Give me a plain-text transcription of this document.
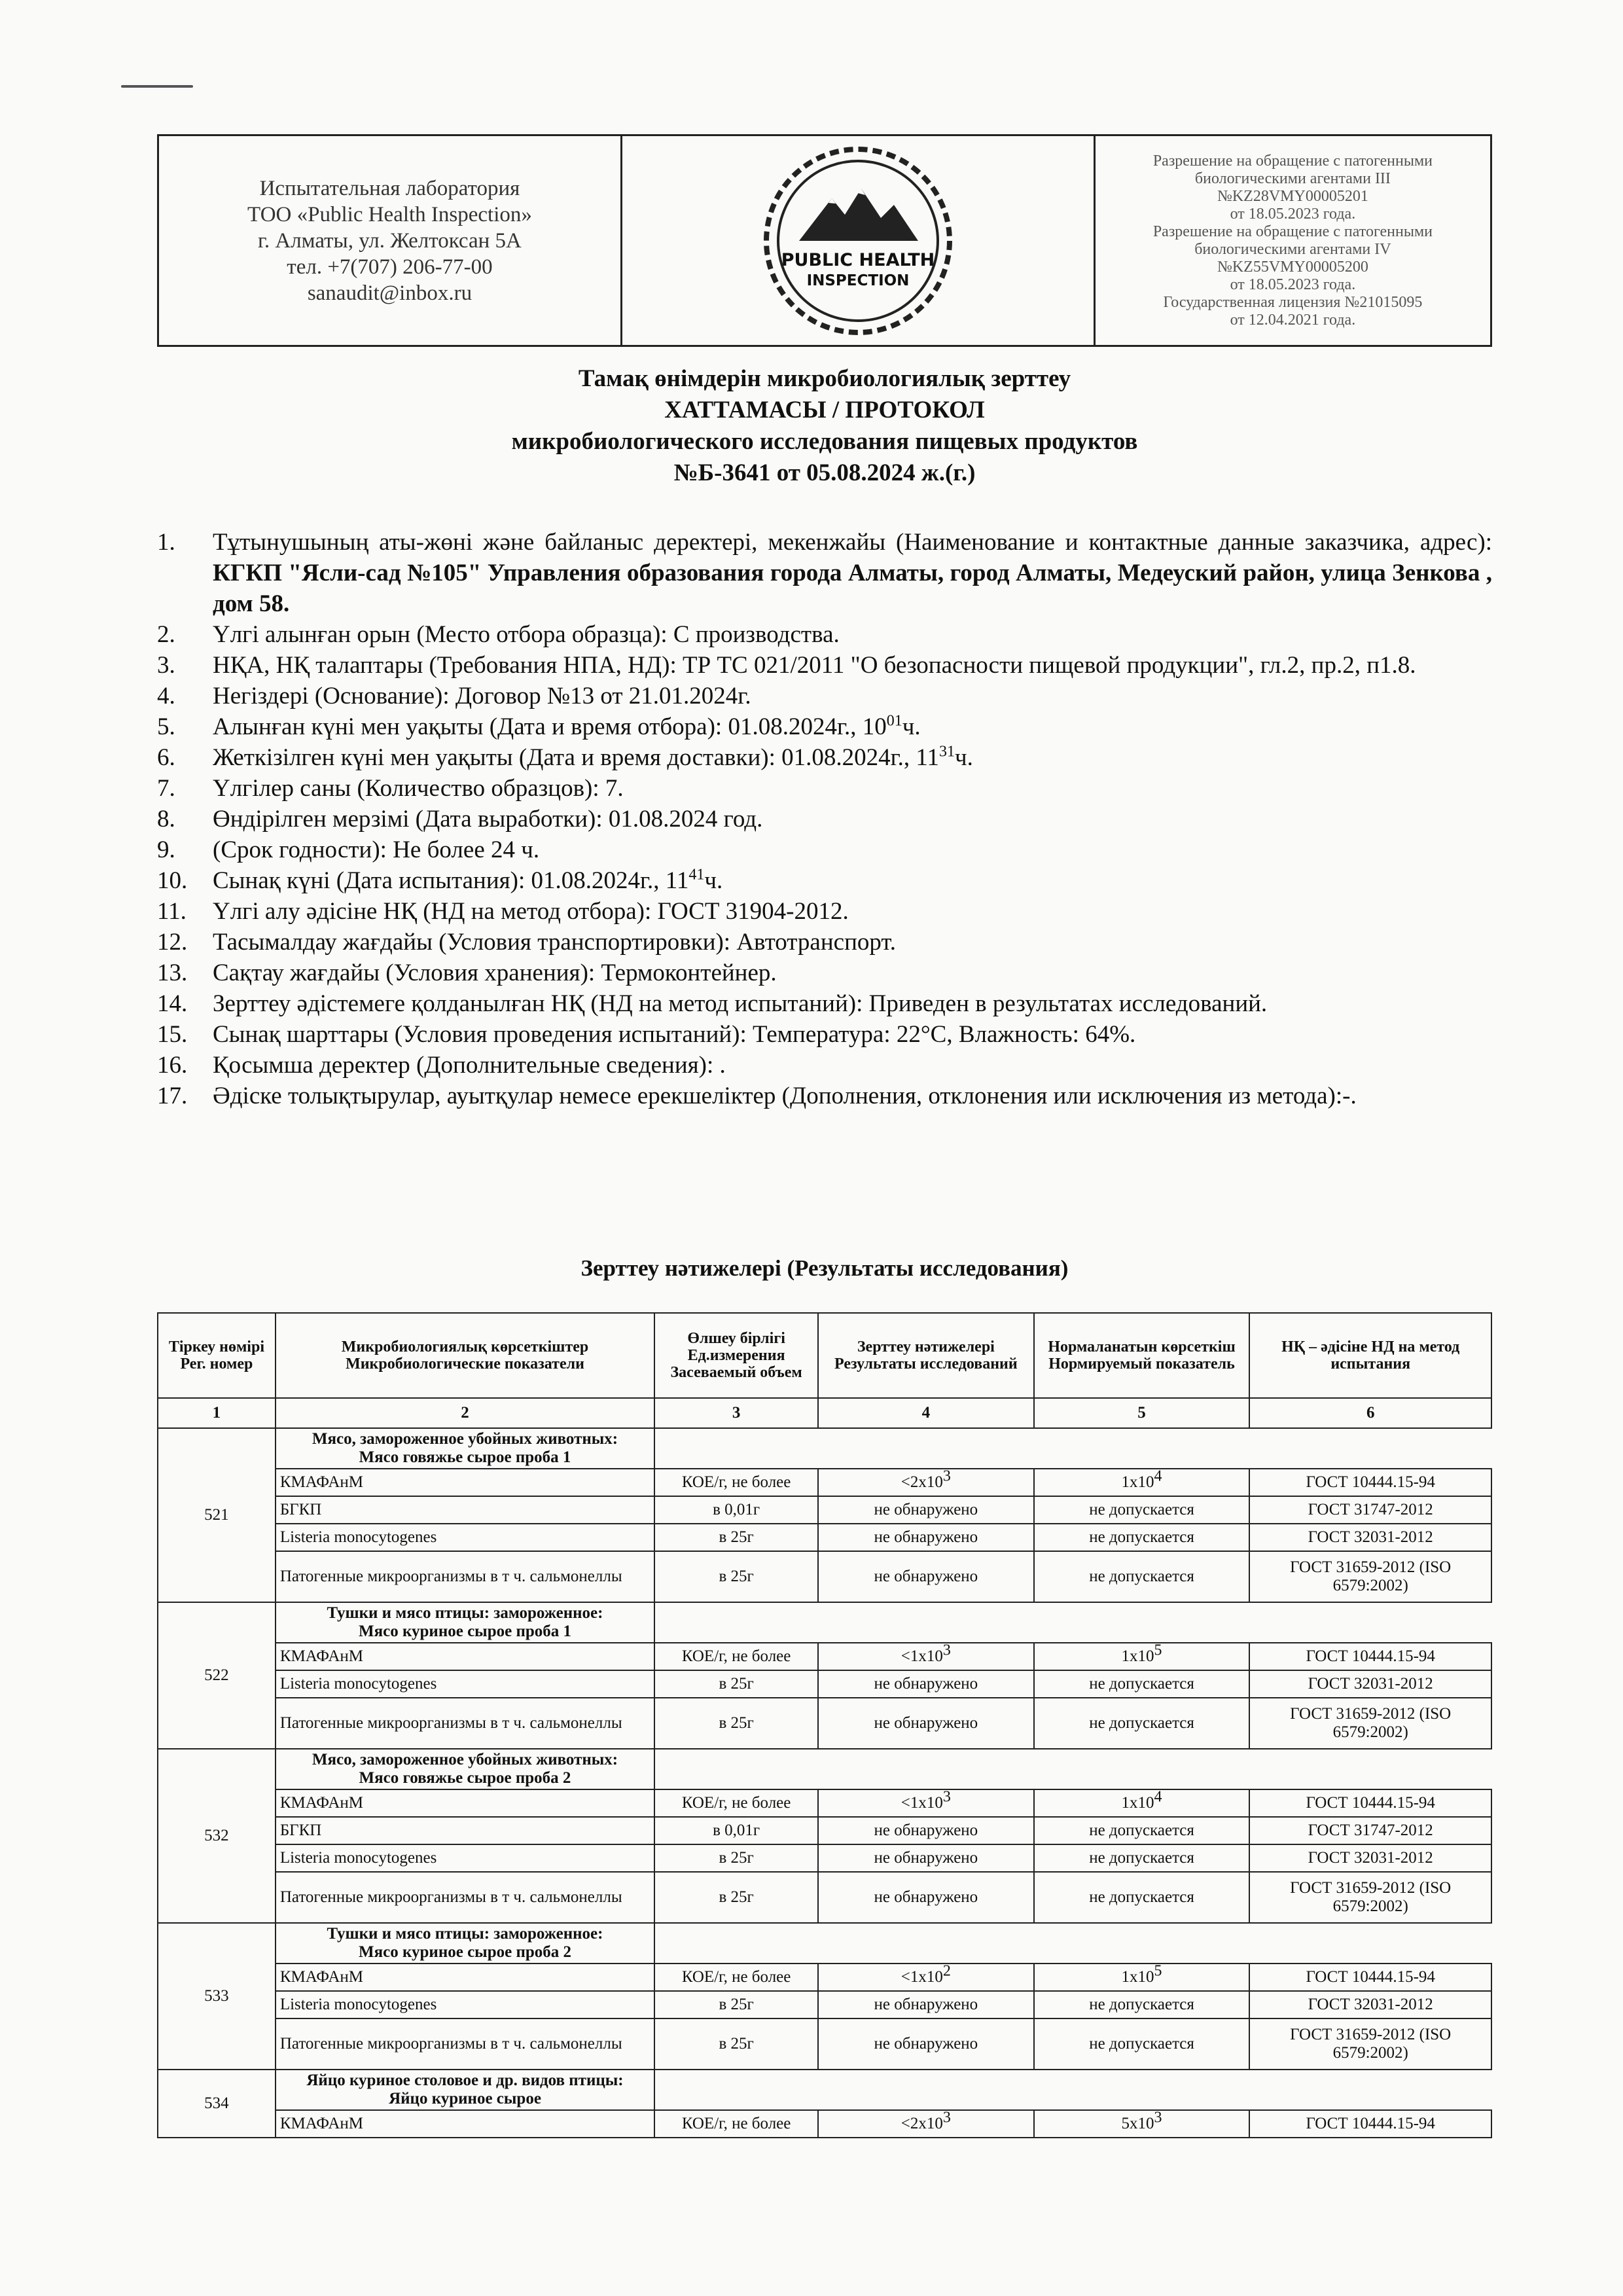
Испытательная лаборатория
ТОО «Public Health Inspection»
г. Алматы, ул. Желтоксан 5А
тел. +7(707) 206-77-00
sanaudit@inbox.ru
PUBLIC HEALTH
INSPECTION
Разрешение на обращение с патогенными
биологическими агентами III
№KZ28VMY00005201
от 18.05.2023 года.
Разрешение на обращение с патогенными
биологическими агентами IV
№KZ55VMY00005200
от 18.05.2023 года.
Государственная лицензия №21015095
от 12.04.2021 года.
Тамақ өнімдерін микробиологиялық зерттеу
ХАТТАМАСЫ / ПРОТОКОЛ
микробиологического исследования пищевых продуктов
№Б-3641 от 05.08.2024 ж.(г.)
1.	Тұтынушының аты-жөні және байланыс деректері, мекенжайы (Наименование и контактные данные заказчика, адрес): КГКП "Ясли-сад №105" Управления образования города Алматы, город Алматы, Медеуский район, улица Зенкова , дом 58.
2.	Үлгі алынған орын (Место отбора образца): С производства.
3.	НҚА, НҚ талаптары (Требования НПА, НД): ТР ТС 021/2011 "О безопасности пищевой продукции", гл.2, пр.2, п1.8.
4.	Негіздері (Основание): Договор №13 от 21.01.2024г.
5.	Алынған күні мен уақыты (Дата и время отбора): 01.08.2024г., $10^{01}ч$.
6.	Жеткізілген күні мен уақыты (Дата и время доставки): 01.08.2024г., $11^{31}ч$.
7.	Үлгілер саны (Количество образцов): 7.
8.	Өндірілген мерзімі (Дата выработки): 01.08.2024 год.
9.	(Срок годности): Не более 24 ч.
10.	Сынақ күні (Дата испытания): 01.08.2024г., $11^{41}ч$.
11.	Үлгі алу әдісіне НҚ (НД на метод отбора): ГОСТ 31904-2012.
12.	Тасымалдау жағдайы (Условия транспортировки): Автотранспорт.
13.	Сақтау жағдайы (Условия хранения): Термоконтейнер.
14.	Зерттеу әдістемеге қолданылған НҚ (НД на метод испытаний): Приведен в результатах исследований.
15.	Сынақ шарттары (Условия проведения испытаний): Температура: 22°С, Влажность: 64%.
16.	Қосымша деректер (Дополнительные сведения): .
17.	Әдіске толықтырулар, ауытқулар немесе ерекшеліктер (Дополнения, отклонения или исключения из метода):-.
Зерттеу нәтижелері (Результаты исследования)
Тіркеу нөмірі Рег. номер	Микробиологиялық көрсеткіштер Микробиологические показатели	Өлшеу бірлігі Ед.измерения Засеваемый объем	Зерттеу нәтижелері Результаты исследований	Нормаланатын көрсеткіш Нормируемый показатель	НҚ – әдісіне НД на метод испытания
1	2	3	4	5	6
521	Мясо, замороженное убойных животных:
Мясо говяжье сырое проба 1				

	КМАФАнМ	КОЕ/г, не более	$<2x10^3$	$1x10^4$	ГОСТ 10444.15-94
	БГКП	в 0,01г	не обнаружено	не допускается	ГОСТ 31747-2012
	Listeria monocytogenes	в 25г	не обнаружено	не допускается	ГОСТ 32031-2012
	Патогенные микроорганизмы в т ч. сальмонеллы	в 25г	не обнаружено	не допускается	ГОСТ 31659-2012 (ISO 6579:2002)
522	Тушки и мясо птицы: замороженное:
Мясо куриное сырое проба 1				

	КМАФАнМ	КОЕ/г, не более	$<1x10^3$	$1x10^5$	ГОСТ 10444.15-94
	Listeria monocytogenes	в 25г	не обнаружено	не допускается	ГОСТ 32031-2012
	Патогенные микроорганизмы в т ч. сальмонеллы	в 25г	не обнаружено	не допускается	ГОСТ 31659-2012 (ISO 6579:2002)
532	Мясо, замороженное убойных животных:
Мясо говяжье сырое проба 2				

	КМАФАнМ	КОЕ/г, не более	$<1x10^3$	$1x10^4$	ГОСТ 10444.15-94
	БГКП	в 0,01г	не обнаружено	не допускается	ГОСТ 31747-2012
	Listeria monocytogenes	в 25г	не обнаружено	не допускается	ГОСТ 32031-2012
	Патогенные микроорганизмы в т ч. сальмонеллы	в 25г	не обнаружено	не допускается	ГОСТ 31659-2012 (ISO 6579:2002)
533	Тушки и мясо птицы: замороженное:
Мясо куриное сырое проба 2				

	КМАФАнМ	КОЕ/г, не более	$<1x10^2$	$1x10^5$	ГОСТ 10444.15-94
	Listeria monocytogenes	в 25г	не обнаружено	не допускается	ГОСТ 32031-2012
	Патогенные микроорганизмы в т ч. сальмонеллы	в 25г	не обнаружено	не допускается	ГОСТ 31659-2012 (ISO 6579:2002)
534	Яйцо куриное столовое и др. видов птицы:
Яйцо куриное сырое				

	КМАФАнМ	КОЕ/г, не более	$<2x10^3$	$5x10^3$	ГОСТ 10444.15-94
